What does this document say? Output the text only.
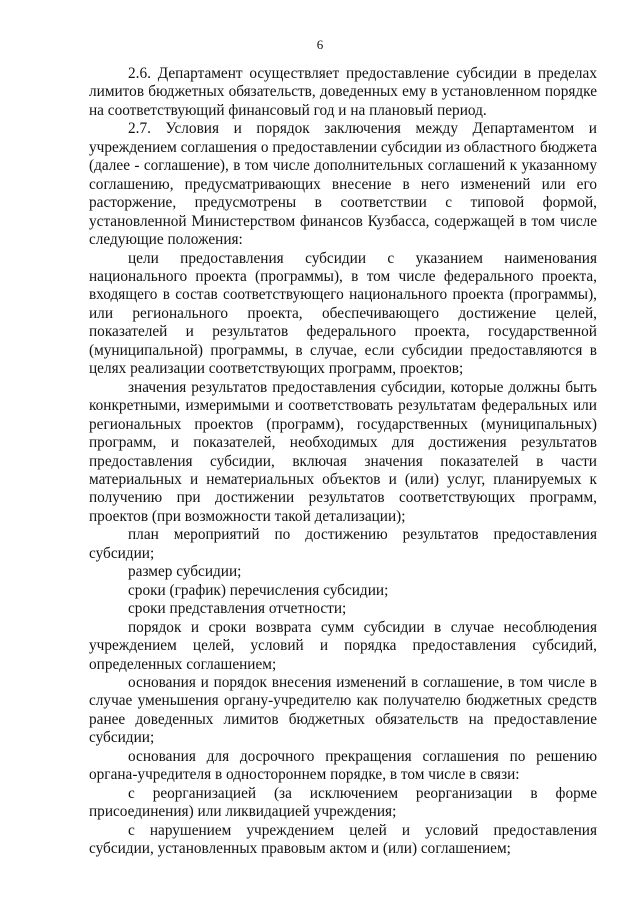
6

2.6. Департамент осуществляет предоставление субсидии в пределах лимитов бюджетных обязательств, доведенных ему в установленном порядке на соответствующий финансовый год и на плановый период.

2.7. Условия и порядок заключения между Департаментом и учреждением соглашения о предоставлении субсидии из областного бюджета (далее - соглашение), в том числе дополнительных соглашений к указанному соглашению, предусматривающих внесение в него изменений или его расторжение, предусмотрены в соответствии с типовой формой, установленной Министерством финансов Кузбасса, содержащей в том числе следующие положения:

цели предоставления субсидии с указанием наименования национального проекта (программы), в том числе федерального проекта, входящего в состав соответствующего национального проекта (программы), или регионального проекта, обеспечивающего достижение целей, показателей и результатов федерального проекта, государственной (муниципальной) программы, в случае, если субсидии предоставляются в целях реализации соответствующих программ, проектов;

значения результатов предоставления субсидии, которые должны быть конкретными, измеримыми и соответствовать результатам федеральных или региональных проектов (программ), государственных (муниципальных) программ, и показателей, необходимых для достижения результатов предоставления субсидии, включая значения показателей в части материальных и нематериальных объектов и (или) услуг, планируемых к получению при достижении результатов соответствующих программ, проектов (при возможности такой детализации);

план мероприятий по достижению результатов предоставления субсидии;

размер субсидии;

сроки (график) перечисления субсидии;

сроки представления отчетности;

порядок и сроки возврата сумм субсидии в случае несоблюдения учреждением целей, условий и порядка предоставления субсидий, определенных соглашением;

основания и порядок внесения изменений в соглашение, в том числе в случае уменьшения органу-учредителю как получателю бюджетных средств ранее доведенных лимитов бюджетных обязательств на предоставление субсидии;

основания для досрочного прекращения соглашения по решению органа-учредителя в одностороннем порядке, в том числе в связи:

с реорганизацией (за исключением реорганизации в форме присоединения) или ликвидацией учреждения;

с нарушением учреждением целей и условий предоставления субсидии, установленных правовым актом и (или) соглашением;
